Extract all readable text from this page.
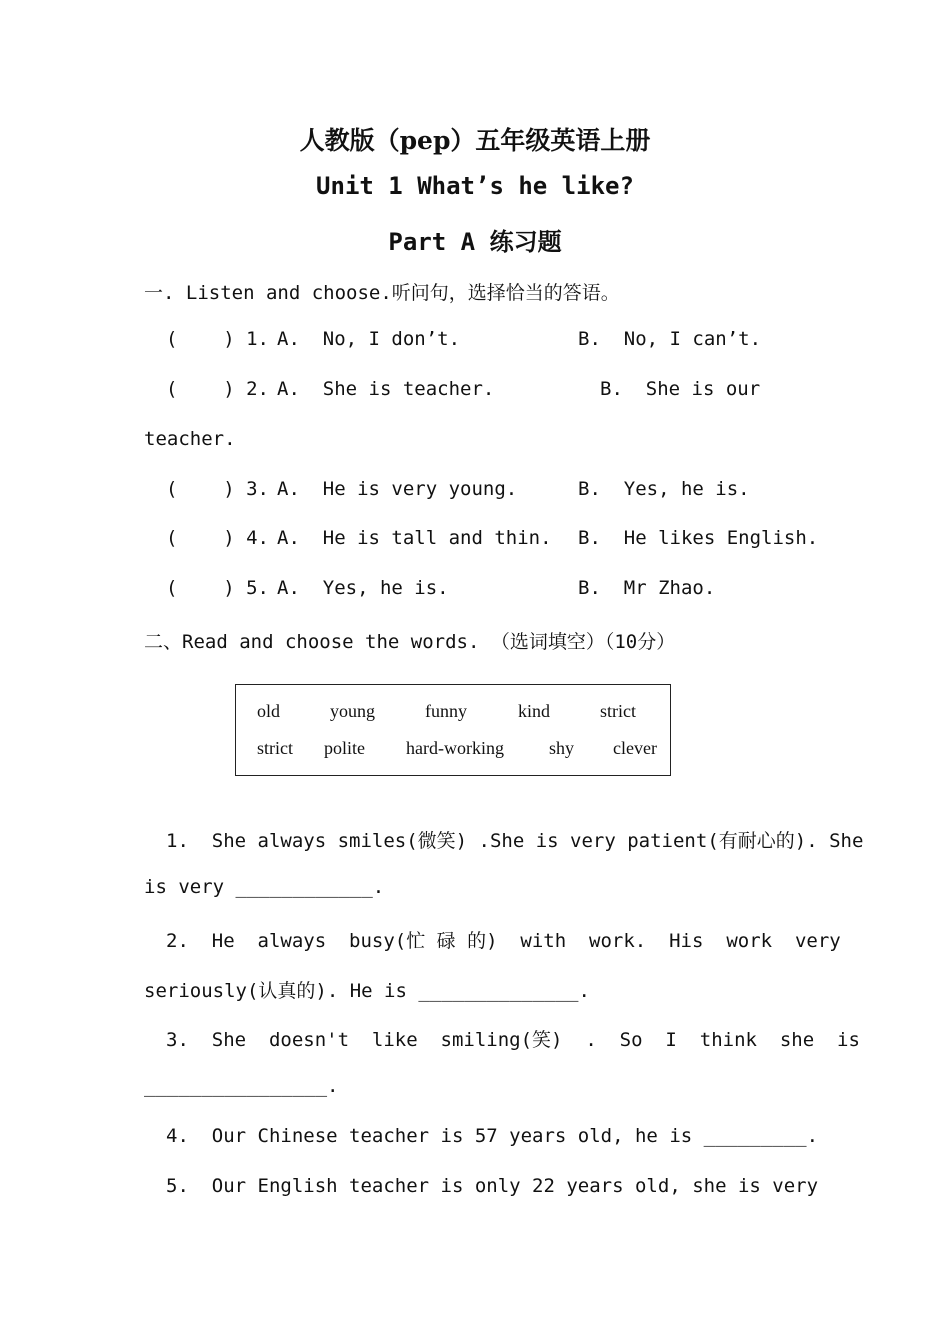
人教版（pep）五年级英语上册
Unit 1 What’s he like?
Part A 练习题
一. Listen and choose.听问句，选择恰当的答语。
(    ) 1. A.  No, I don’t.	B.  No, I can’t.
(    ) 2. A.  She is teacher.	B.  She is our
teacher.
(    ) 3. A.  He is very young.	B.  Yes, he is.
(    ) 4. A.  He is tall and thin. B.  He likes English.
(    ) 5. A.  Yes, he is.	B.  Mr Zhao.
二、Read and choose the words. （选词填空）（10分）
old	young	funny	kind	strict
strict polite hard-working	shy clever
1.  She always smiles(微笑) .She is very patient(有耐心的). She
is very ____________.
2.  He  always  busy(忙 碌 的)  with  work.  His  work  very
seriously(认真的). He is ______________.
3.  She  doesn't  like  smiling(笑)  .  So  I  think  she  is
________________.
4.  Our Chinese teacher is 57 years old, he is _________.
5.  Our English teacher is only 22 years old, she is very
